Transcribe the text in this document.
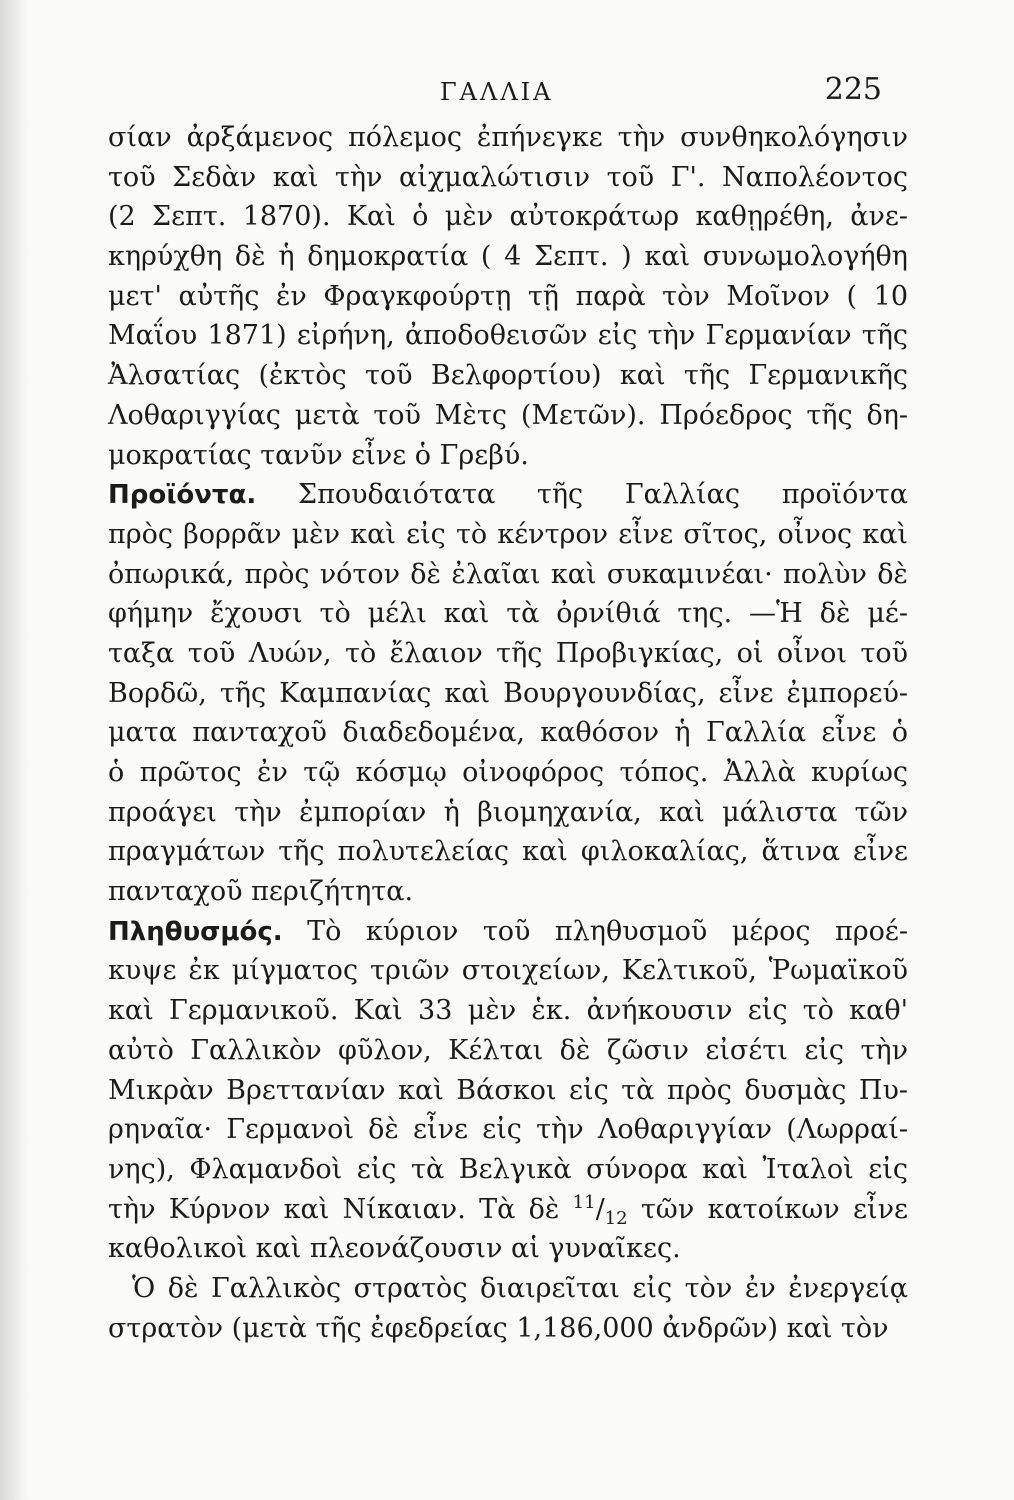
ΓΑΛΛΙΑ	225
σίαν ἀρξάμενος πόλεμος ἐπήνεγκε τὴν συνθηκολόγησιν
τοῦ Σεδὰν καὶ τὴν αἰχμαλώτισιν τοῦ Γ'. Ναπολέοντος
(2 Σεπτ. 1870). Καὶ ὁ μὲν αὐτοκράτωρ καθῃρέθη, ἀνε-
κηρύχθη δὲ ἡ δημοκρατία ( 4 Σεπτ. ) καὶ συνωμολογήθη
μετ' αὐτῆς ἐν Φραγκφούρτῃ τῇ παρὰ τὸν Μοῖνον ( 10
Μαΐου 1871) εἰρήνη, ἀποδοθεισῶν εἰς τὴν Γερμανίαν τῆς
Ἀλσατίας (ἐκτὸς τοῦ Βελφορτίου) καὶ τῆς Γερμανικῆς
Λοθαριγγίας μετὰ τοῦ Μὲτς (Μετῶν). Πρόεδρος τῆς δη-
μοκρατίας τανῦν εἶνε ὁ Γρεβύ.
Προϊόντα. Σπουδαιότατα τῆς Γαλλίας προϊόντα
πρὸς βορρᾶν μὲν καὶ εἰς τὸ κέντρον εἶνε σῖτος, οἶνος καὶ
ὀπωρικά, πρὸς νότον δὲ ἐλαῖαι καὶ συκαμινέαι· πολὺν δὲ
φήμην ἔχουσι τὸ μέλι καὶ τὰ ὀρνίθιά της. —Ἡ δὲ μέ-
ταξα τοῦ Λυών, τὸ ἔλαιον τῆς Προβιγκίας, οἱ οἶνοι τοῦ
Βορδῶ, τῆς Καμπανίας καὶ Βουργουνδίας, εἶνε ἐμπορεύ-
ματα πανταχοῦ διαδεδομένα, καθόσον ἡ Γαλλία εἶνε ὁ
ὁ πρῶτος ἐν τῷ κόσμῳ οἰνοφόρος τόπος. Ἀλλὰ κυρίως
προάγει τὴν ἐμπορίαν ἡ βιομηχανία, καὶ μάλιστα τῶν
πραγμάτων τῆς πολυτελείας καὶ φιλοκαλίας, ἅτινα εἶνε
πανταχοῦ περιζήτητα.
Πληθυσμός. Τὸ κύριον τοῦ πληθυσμοῦ μέρος προέ-
κυψε ἐκ μίγματος τριῶν στοιχείων, Κελτικοῦ, Ῥωμαϊκοῦ
καὶ Γερμανικοῦ. Καὶ 33 μὲν ἑκ. ἀνήκουσιν εἰς τὸ καθ'
αὐτὸ Γαλλικὸν φῦλον, Κέλται δὲ ζῶσιν εἰσέτι εἰς τὴν
Μικρὰν Βρεττανίαν καὶ Βάσκοι εἰς τὰ πρὸς δυσμὰς Πυ-
ρηναῖα· Γερμανοὶ δὲ εἶνε εἰς τὴν Λοθαριγγίαν (Λωρραί-
νης), Φλαμανδοὶ εἰς τὰ Βελγικὰ σύνορα καὶ Ἰταλοὶ εἰς
τὴν Κύρνον καὶ Νίκαιαν. Τὰ δὲ $^{11}/_{12}$ τῶν κατοίκων εἶνε
καθολικοὶ καὶ πλεονάζουσιν αἱ γυναῖκες.
Ὁ δὲ Γαλλικὸς στρατὸς διαιρεῖται εἰς τὸν ἐν ἐνεργείᾳ
στρατὸν (μετὰ τῆς ἐφεδρείας 1,186,000 ἀνδρῶν) καὶ τὸν
